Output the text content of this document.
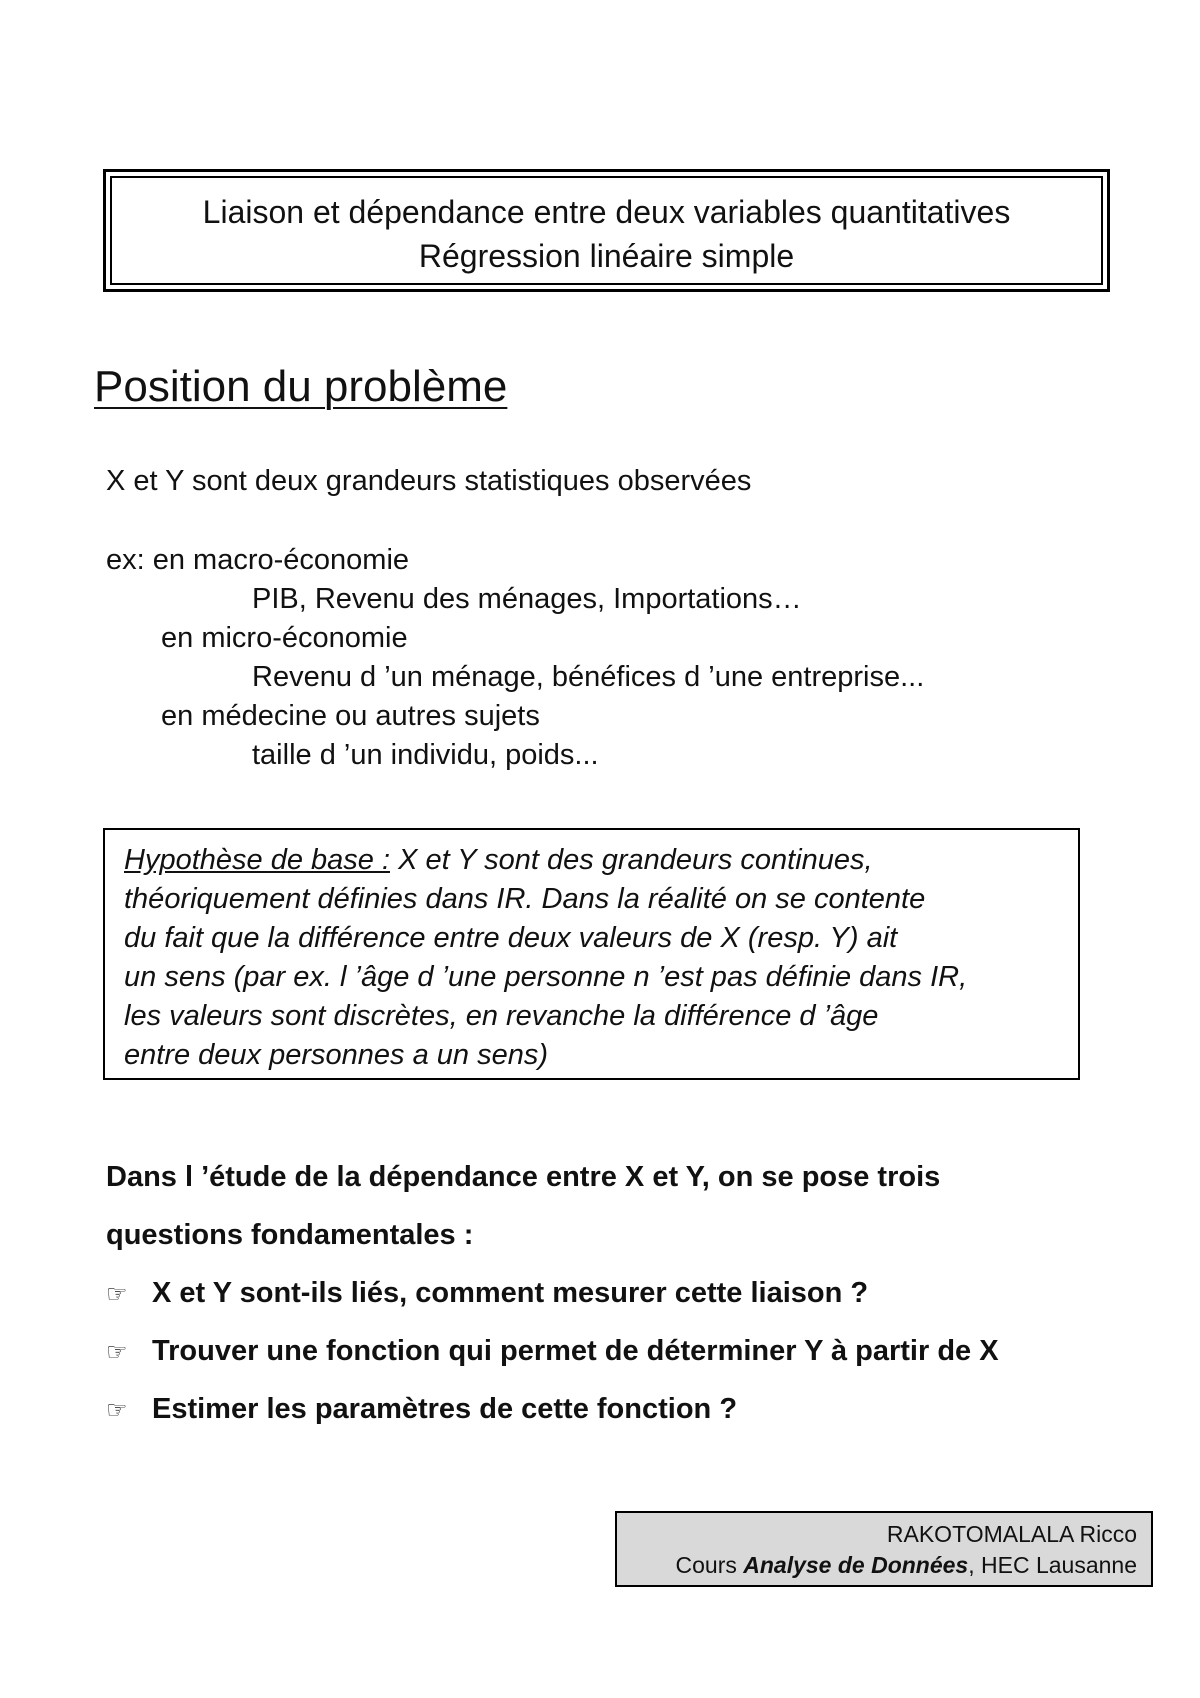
Liaison et dépendance entre deux variables quantitatives
Régression linéaire simple
Position du problème
X et Y sont deux grandeurs statistiques observées
ex: en macro-économie
PIB, Revenu des ménages, Importations…
en micro-économie
Revenu d ’un ménage, bénéfices d ’une entreprise...
en médecine ou autres sujets
taille d ’un individu, poids...
Hypothèse de base : X et Y sont des grandeurs continues,
théoriquement définies dans IR. Dans la réalité on se contente
du fait que la différence entre deux valeurs de X (resp. Y) ait
un sens (par ex. l ’âge d ’une personne n ’est pas définie dans IR,
les valeurs sont discrètes, en revanche la différence d ’âge
entre deux personnes a un sens)
Dans l ’étude de la dépendance entre X et Y, on se pose trois
questions fondamentales :
☞ X et Y sont-ils liés, comment mesurer cette liaison ?
☞ Trouver une fonction qui permet de déterminer Y à partir de X
☞ Estimer les paramètres de cette fonction ?
RAKOTOMALALA Ricco
Cours Analyse de Données, HEC Lausanne
